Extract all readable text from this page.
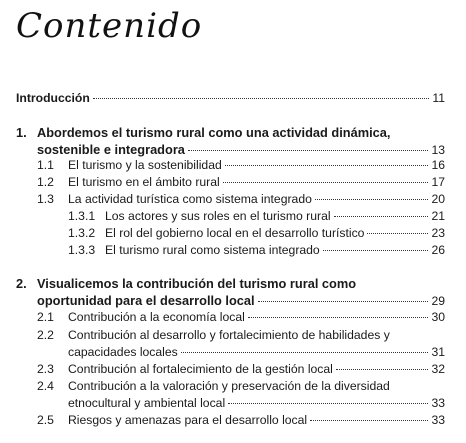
Contenido
Introducción	11
1. Abordemos el turismo rural como una actividad dinámica,
sostenible e integradora	13
1.1	El turismo y la sostenibilidad	16
1.2	El turismo en el ámbito rural	17
1.3	La actividad turística como sistema integrado	20
1.3.1 Los actores y sus roles en el turismo rural	21
1.3.2 El rol del gobierno local en el desarrollo turístico	23
1.3.3 El turismo rural como sistema integrado	26
2. Visualicemos la contribución del turismo rural como
oportunidad para el desarrollo local	29
2.1	Contribución a la economía local	30
2.2 Contribución al desarrollo y fortalecimiento de habilidades y
capacidades locales	31
2.3	Contribución al fortalecimiento de la gestión local	32
2.4 Contribución a la valoración y preservación de la diversidad
etnocultural y ambiental local	33
2.5	Riesgos y amenazas para el desarrollo local	33
